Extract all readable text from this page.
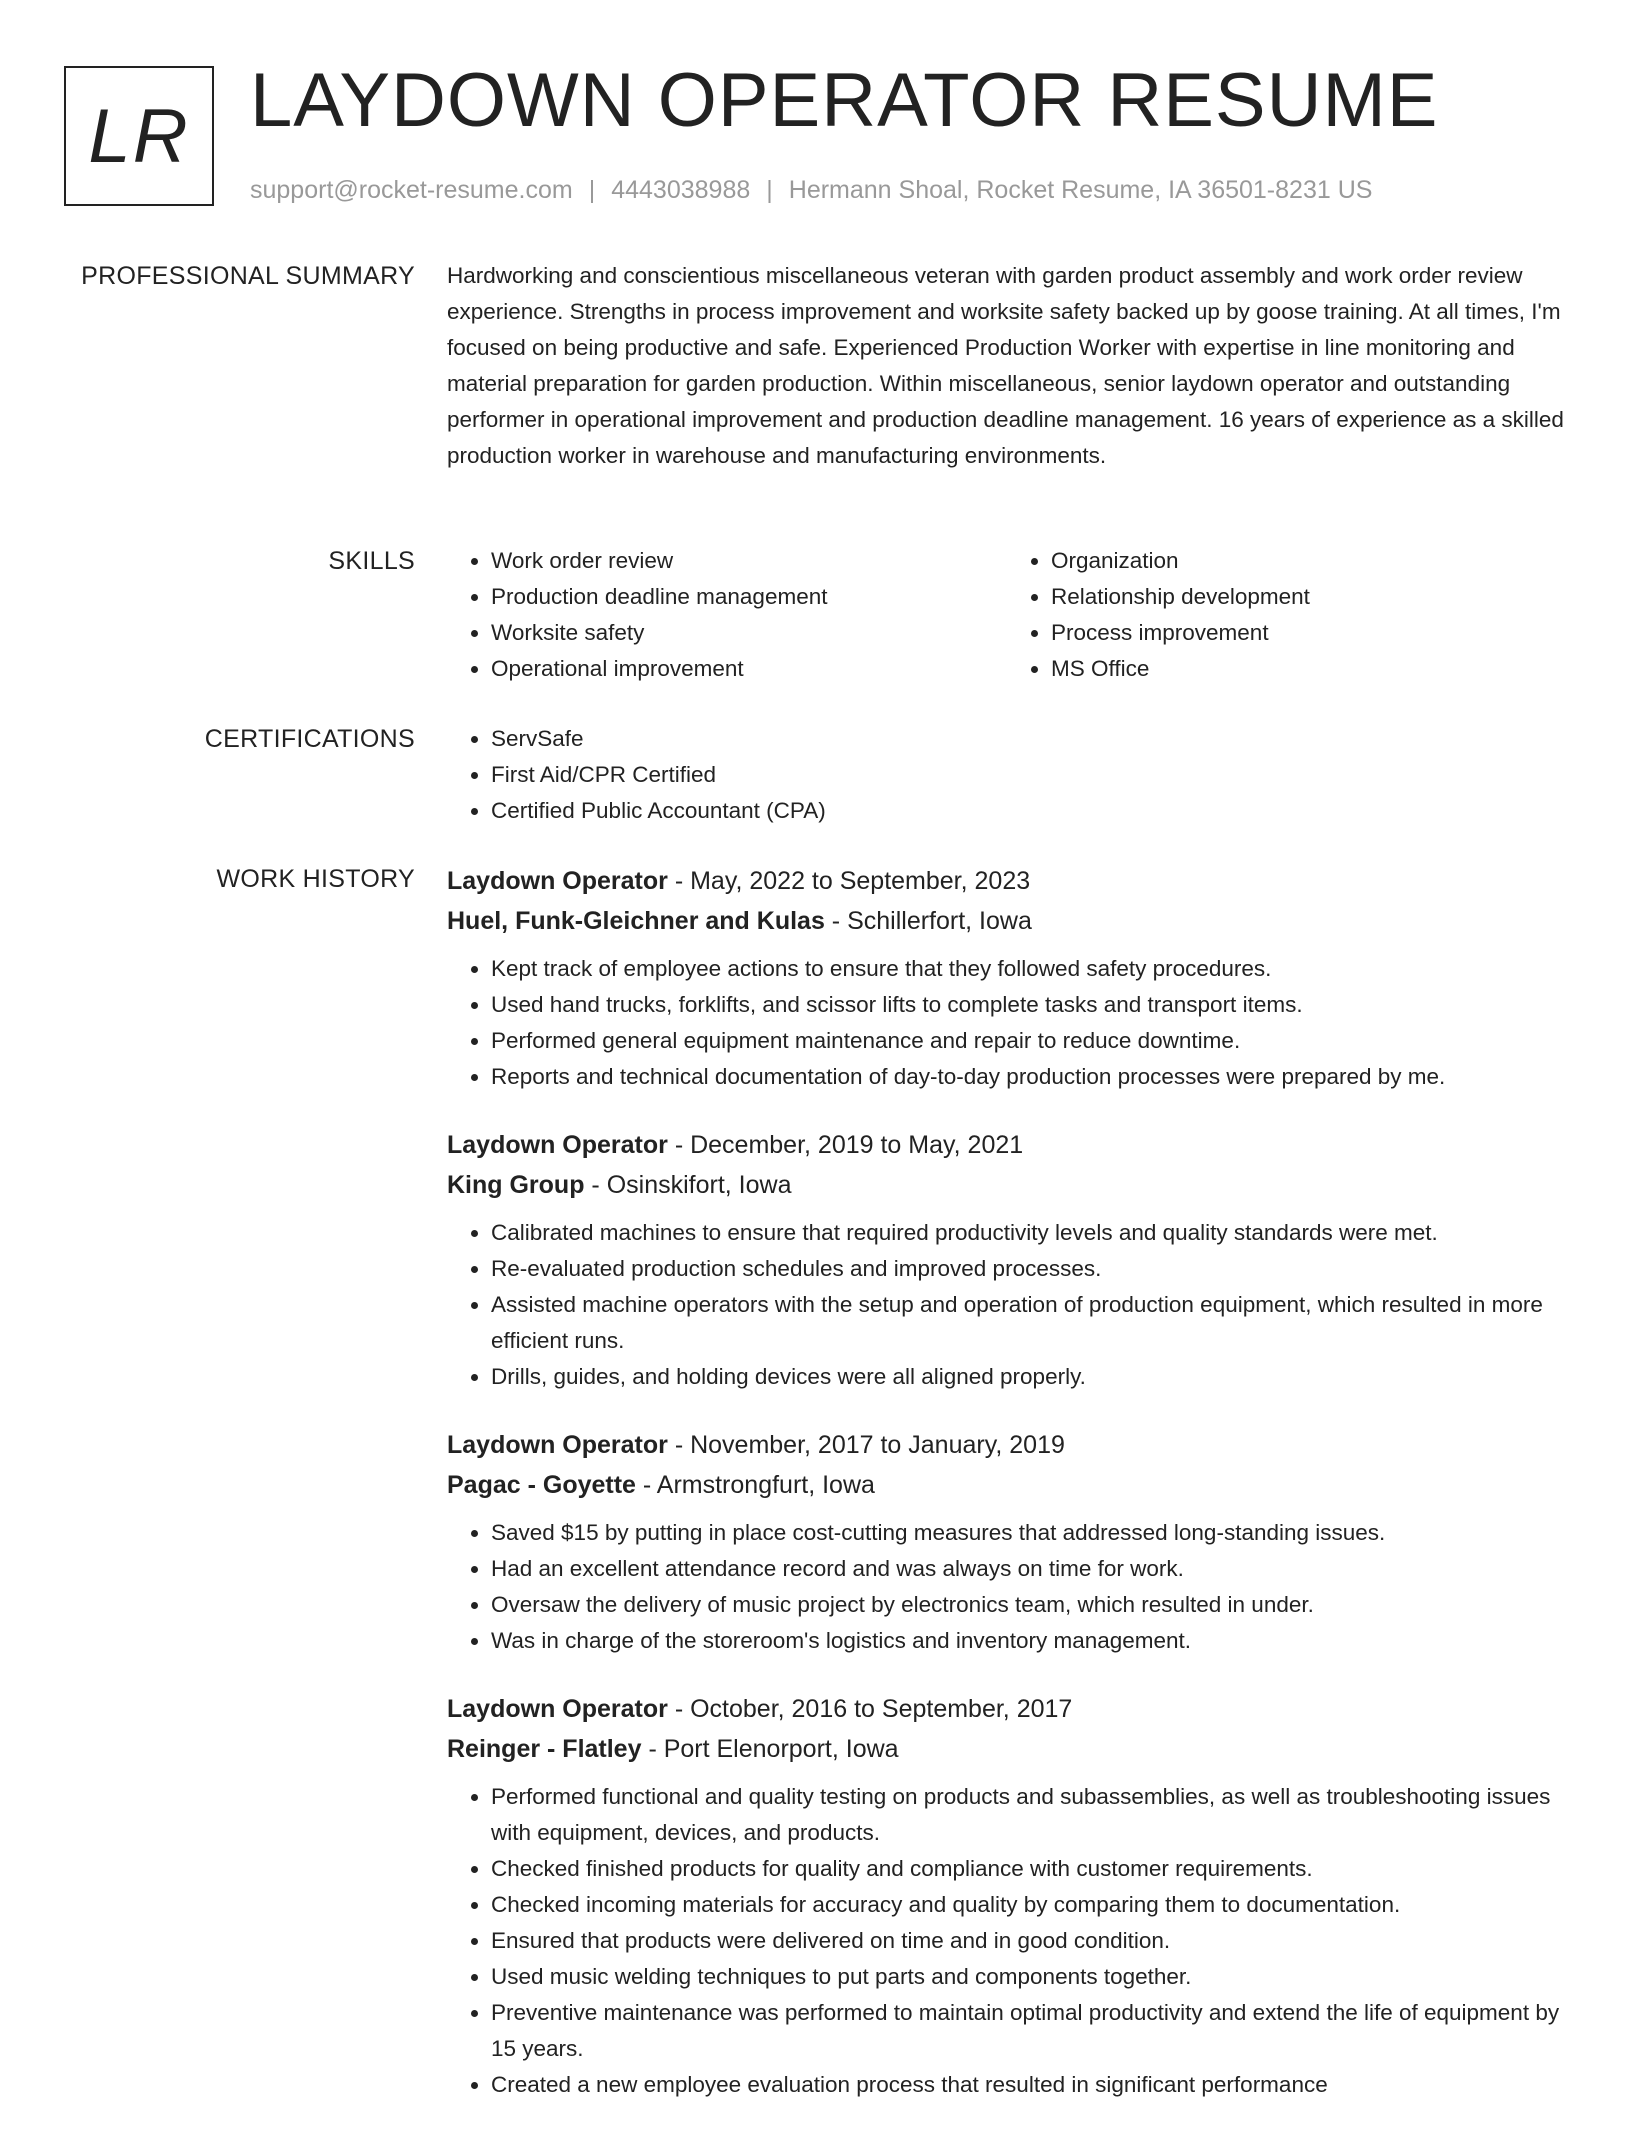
LR LAYDOWN OPERATOR RESUME
support@rocket-resume.com | 4443038988 | Hermann Shoal, Rocket Resume, IA 36501-8231 US
PROFESSIONAL SUMMARY Hardworking and conscientious miscellaneous veteran with garden product assembly and work order review experience. Strengths in process improvement and worksite safety backed up by goose training. At all times, I'm focused on being productive and safe. Experienced Production Worker with expertise in line monitoring and material preparation for garden production. Within miscellaneous, senior laydown operator and outstanding performer in operational improvement and production deadline management. 16 years of experience as a skilled production worker in warehouse and manufacturing environments.

SKILLS	• Work order review
• Production deadline management
• Worksite safety
• Operational improvement
• Organization
• Relationship development
• Process improvement
• MS Office
CERTIFICATIONS	• ServSafe
• First Aid/CPR Certified
• Certified Public Accountant (CPA)
WORK HISTORY Laydown Operator - May, 2022 to September, 2023
Huel, Funk-Gleichner and Kulas - Schillerfort, Iowa
• Kept track of employee actions to ensure that they followed safety procedures.
• Used hand trucks, forklifts, and scissor lifts to complete tasks and transport items.
• Performed general equipment maintenance and repair to reduce downtime.
• Reports and technical documentation of day-to-day production processes were prepared by me.
Laydown Operator - December, 2019 to May, 2021
King Group - Osinskifort, Iowa
• Calibrated machines to ensure that required productivity levels and quality standards were met.
• Re-evaluated production schedules and improved processes.
• Assisted machine operators with the setup and operation of production equipment, which resulted in more efficient runs.
• Drills, guides, and holding devices were all aligned properly.
Laydown Operator - November, 2017 to January, 2019
Pagac - Goyette - Armstrongfurt, Iowa
• Saved $15 by putting in place cost-cutting measures that addressed long-standing issues.
• Had an excellent attendance record and was always on time for work.
• Oversaw the delivery of music project by electronics team, which resulted in under.
• Was in charge of the storeroom's logistics and inventory management.
Laydown Operator - October, 2016 to September, 2017
Reinger - Flatley - Port Elenorport, Iowa
• Performed functional and quality testing on products and subassemblies, as well as troubleshooting issues with equipment, devices, and products.
• Checked finished products for quality and compliance with customer requirements.
• Checked incoming materials for accuracy and quality by comparing them to documentation.
• Ensured that products were delivered on time and in good condition.
• Used music welding techniques to put parts and components together.
• Preventive maintenance was performed to maintain optimal productivity and extend the life of equipment by 15 years.
• Created a new employee evaluation process that resulted in significant performance
